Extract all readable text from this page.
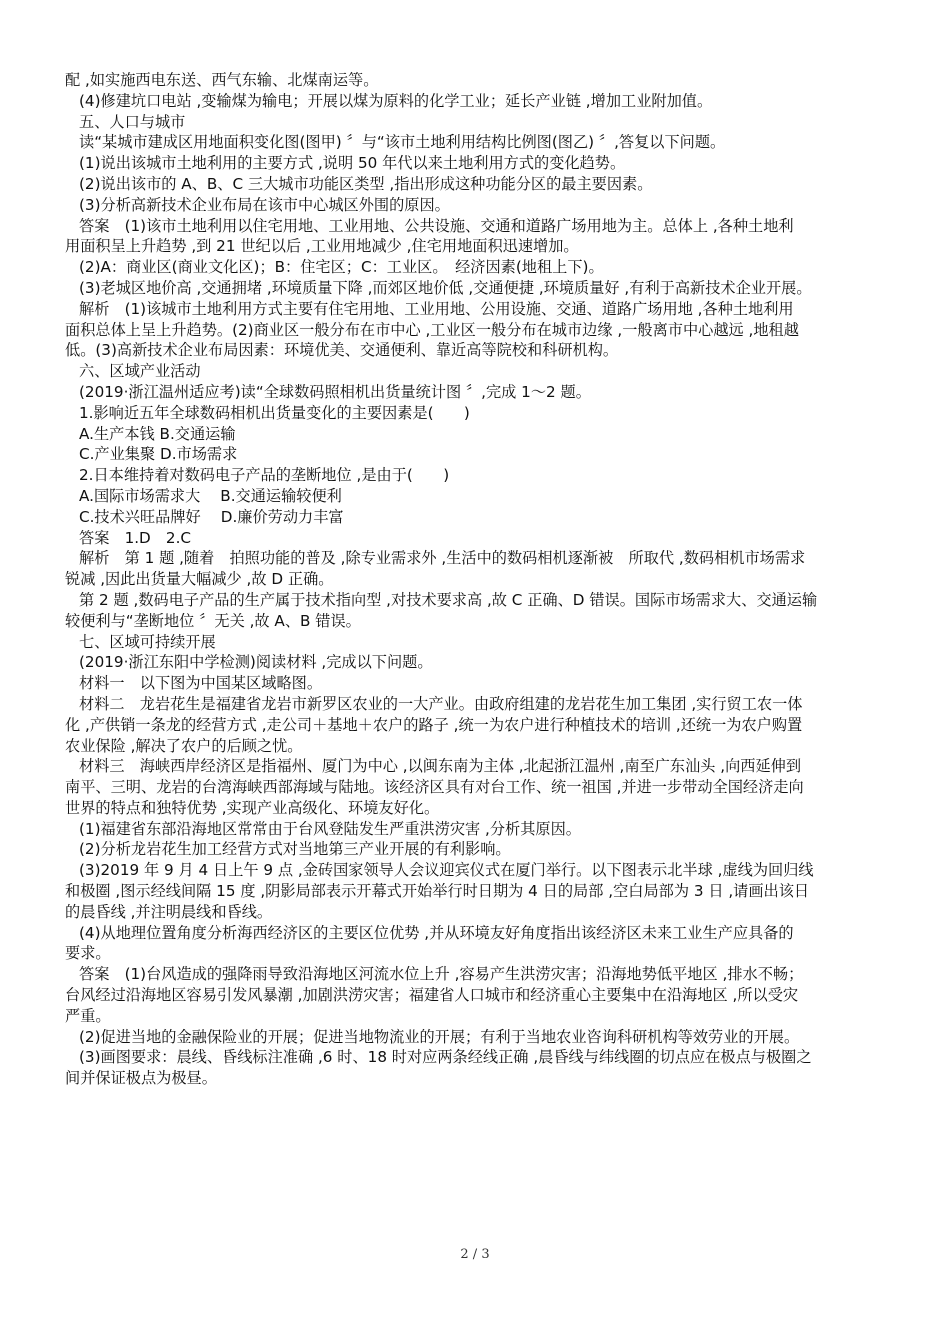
配 ,如实施西电东送、西气东输、北煤南运等。

(4)修建坑口电站 ,变输煤为输电；开展以煤为原料的化学工业；延长产业链 ,增加工业附加值。

五、人口与城市

读“某城市建成区用地面积变化图(图甲) 〞与“该市土地利用结构比例图(图乙) 〞,答复以下问题。

(1)说出该城市土地利用的主要方式 ,说明 50 年代以来土地利用方式的变化趋势。

(2)说出该市的 A、B、C 三大城市功能区类型 ,指出形成这种功能分区的最主要因素。

(3)分析高新技术企业布局在该市中心城区外围的原因。

答案　(1)该市土地利用以住宅用地、工业用地、公共设施、交通和道路广场用地为主。总体上 ,各种土地利

用面积呈上升趋势 ,到 21 世纪以后 ,工业用地减少 ,住宅用地面积迅速增加。

(2)A：商业区(商业文化区)；B：住宅区；C：工业区。　经济因素(地租上下)。

(3)老城区地价高 ,交通拥堵 ,环境质量下降 ,而郊区地价低 ,交通便捷 ,环境质量好 ,有利于高新技术企业开展。

解析　(1)该城市土地利用方式主要有住宅用地、工业用地、公用设施、交通、道路广场用地 ,各种土地利用

面积总体上呈上升趋势。(2)商业区一般分布在市中心 ,工业区一般分布在城市边缘 ,一般离市中心越远 ,地租越

低。(3)高新技术企业布局因素：环境优美、交通便利、靠近高等院校和科研机构。

六、区域产业活动

(2019·浙江温州适应考)读“全球数码照相机出货量统计图 〞,完成 1～2 题。

1.影响近五年全球数码相机出货量变化的主要因素是(　　)

A.生产本钱 B.交通运输

C.产业集聚 D.市场需求

2.日本维持着对数码电子产品的垄断地位 ,是由于(　　)

A.国际市场需求大　 B.交通运输较便利

C.技术兴旺品牌好　 D.廉价劳动力丰富

答案　1.D　2.C

解析　第 1 题 ,随着　拍照功能的普及 ,除专业需求外 ,生活中的数码相机逐渐被　所取代 ,数码相机市场需求

锐减 ,因此出货量大幅减少 ,故 D 正确。

第 2 题 ,数码电子产品的生产属于技术指向型 ,对技术要求高 ,故 C 正确、D 错误。国际市场需求大、交通运输

较便利与“垄断地位 〞无关 ,故 A、B 错误。

七、区域可持续开展

(2019·浙江东阳中学检测)阅读材料 ,完成以下问题。

材料一　以下图为中国某区域略图。

材料二　龙岩花生是福建省龙岩市新罗区农业的一大产业。由政府组建的龙岩花生加工集团 ,实行贸工农一体

化 ,产供销一条龙的经营方式 ,走公司＋基地＋农户的路子 ,统一为农户进行种植技术的培训 ,还统一为农户购置

农业保险 ,解决了农户的后顾之忧。

材料三　海峡西岸经济区是指福州、厦门为中心 ,以闽东南为主体 ,北起浙江温州 ,南至广东汕头 ,向西延伸到

南平、三明、龙岩的台湾海峡西部海域与陆地。该经济区具有对台工作、统一祖国 ,并进一步带动全国经济走向

世界的特点和独特优势 ,实现产业高级化、环境友好化。

(1)福建省东部沿海地区常常由于台风登陆发生严重洪涝灾害 ,分析其原因。

(2)分析龙岩花生加工经营方式对当地第三产业开展的有利影响。

(3)2019 年 9 月 4 日上午 9 点 ,金砖国家领导人会议迎宾仪式在厦门举行。以下图表示北半球 ,虚线为回归线

和极圈 ,图示经线间隔 15 度 ,阴影局部表示开幕式开始举行时日期为 4 日的局部 ,空白局部为 3 日 ,请画出该日

的晨昏线 ,并注明晨线和昏线。

(4)从地理位置角度分析海西经济区的主要区位优势 ,并从环境友好角度指出该经济区未来工业生产应具备的

要求。

答案　(1)台风造成的强降雨导致沿海地区河流水位上升 ,容易产生洪涝灾害；沿海地势低平地区 ,排水不畅；

台风经过沿海地区容易引发风暴潮 ,加剧洪涝灾害；福建省人口城市和经济重心主要集中在沿海地区 ,所以受灾

严重。

(2)促进当地的金融保险业的开展；促进当地物流业的开展；有利于当地农业咨询科研机构等效劳业的开展。

(3)画图要求：晨线、昏线标注准确 ,6 时、18 时对应两条经线正确 ,晨昏线与纬线圈的切点应在极点与极圈之

间并保证极点为极昼。

2 / 3
